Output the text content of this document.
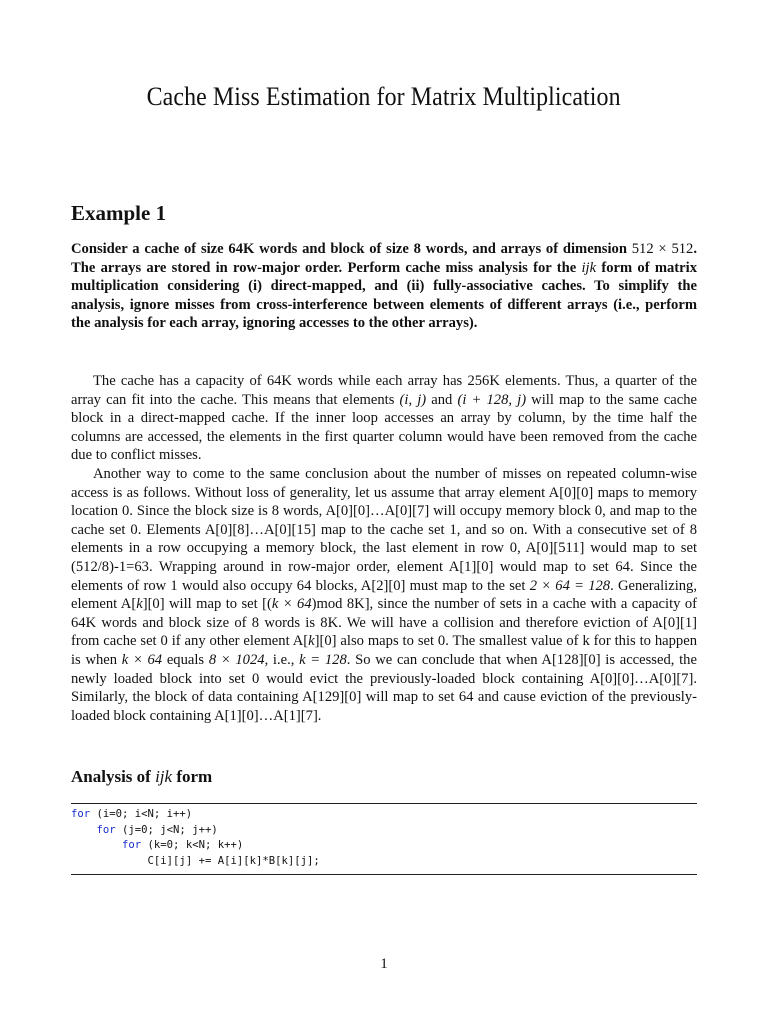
Cache Miss Estimation for Matrix Multiplication
Example 1
Consider a cache of size 64K words and block of size 8 words, and arrays of dimension 512 × 512. The arrays are stored in row-major order. Perform cache miss analysis for the ijk form of matrix multiplication considering (i) direct-mapped, and (ii) fully-associative caches. To simplify the analysis, ignore misses from cross-interference between elements of different arrays (i.e., perform the analysis for each array, ignoring accesses to the other arrays).

The cache has a capacity of 64K words while each array has 256K elements. Thus, a quarter of the array can fit into the cache. This means that elements (i, j) and (i + 128, j) will map to the same cache block in a direct-mapped cache. If the inner loop accesses an array by column, by the time half the columns are accessed, the elements in the first quarter column would have been removed from the cache due to conflict misses.

Another way to come to the same conclusion about the number of misses on repeated column-wise access is as follows. Without loss of generality, let us assume that array element A[0][0] maps to memory location 0. Since the block size is 8 words, A[0][0]…A[0][7] will occupy memory block 0, and map to the cache set 0. Elements A[0][8]…A[0][15] map to the cache set 1, and so on. With a consecutive set of 8 elements in a row occupying a memory block, the last element in row 0, A[0][511] would map to set (512/8)-1=63. Wrapping around in row-major order, element A[1][0] would map to set 64. Since the elements of row 1 would also occupy 64 blocks, A[2][0] must map to the set 2 × 64 = 128. Generalizing, element A[k][0] will map to set [(k × 64)mod 8K], since the number of sets in a cache with a capacity of 64K words and block size of 8 words is 8K. We will have a collision and therefore eviction of A[0][1] from cache set 0 if any other element A[k][0] also maps to set 0. The smallest value of k for this to happen is when k × 64 equals 8 × 1024, i.e., k = 128. So we can conclude that when A[128][0] is accessed, the newly loaded block into set 0 would evict the previously-loaded block containing A[0][0]…A[0][7]. Similarly, the block of data containing A[129][0] will map to set 64 and cause eviction of the previously-loaded block containing A[1][0]…A[1][7].

Analysis of ijk form
for (i=0; i<N; i++)
for (j=0; j<N; j++)
for (k=0; k<N; k++)
C[i][j] += A[i][k]*B[k][j];
1
